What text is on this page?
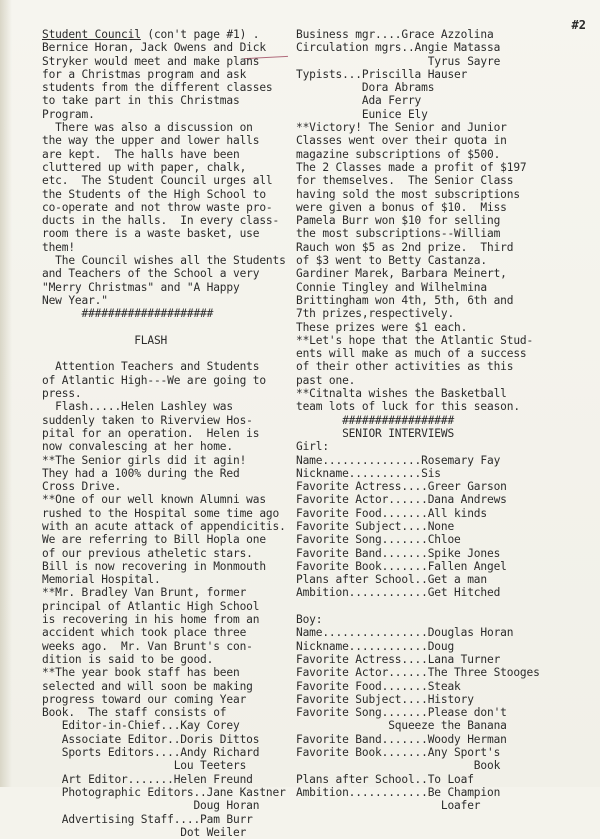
#2
Student Council (con't page #1) .
Bernice Horan, Jack Owens and Dick
Stryker would meet and make plans
for a Christmas program and ask
students from the different classes
to take part in this Christmas
Program.
There was also a discussion on
the way the upper and lower halls
are kept.  The halls have been
cluttered up with paper, chalk,
etc.  The Student Council urges all
the Students of the High School to
co-operate and not throw waste pro-
ducts in the halls.  In every class-
room there is a waste basket, use
them!
The Council wishes all the Students
and Teachers of the School a very
"Merry Christmas" and "A Happy
New Year."
####################
FLASH
Attention Teachers and Students
of Atlantic High---We are going to
press.
Flash.....Helen Lashley was
suddenly taken to Riverview Hos-
pital for an operation.  Helen is
now convalescing at her home.
**The Senior girls did it agin!
They had a 100% during the Red
Cross Drive.
**One of our well known Alumni was
rushed to the Hospital some time ago
with an acute attack of appendicitis.
We are referring to Bill Hopla one
of our previous atheletic stars.
Bill is now recovering in Monmouth
Memorial Hospital.
**Mr. Bradley Van Brunt, former
principal of Atlantic High School
is recovering in his home from an
accident which took place three
weeks ago.  Mr. Van Brunt's con-
dition is said to be good.
**The year book staff has been
selected and will soon be making
progress toward our coming Year
Book.  The staff consists of
Editor-in-Chief...Kay Corey
Associate Editor..Doris Dittos
Sports Editors....Andy Richard
Lou Teeters
Art Editor.......Helen Freund
Photographic Editors..Jane Kastner
Doug Horan
Advertising Staff....Pam Burr
Dot Weiler
Business mgr....Grace Azzolina
Circulation mgrs..Angie Matassa
Tyrus Sayre
Typists...Priscilla Hauser
Dora Abrams
Ada Ferry
Eunice Ely
**Victory! The Senior and Junior
Classes went over their quota in
magazine subscriptions of $500.
The 2 Classes made a profit of $197
for themselves.  The Senior Class
having sold the most subscriptions
were given a bonus of $10.  Miss
Pamela Burr won $10 for selling
the most subscriptions--William
Rauch won $5 as 2nd prize.  Third
of $3 went to Betty Castanza.
Gardiner Marek, Barbara Meinert,
Connie Tingley and Wilhelmina
Brittingham won 4th, 5th, 6th and
7th prizes,respectively.
These prizes were $1 each.
**Let's hope that the Atlantic Stud-
ents will make as much of a success
of their other activities as this
past one.
**Citnalta wishes the Basketball
team lots of luck for this season.
#################
SENIOR INTERVIEWS
Girl:
Name...............Rosemary Fay
Nickname...........Sis
Favorite Actress....Greer Garson
Favorite Actor......Dana Andrews
Favorite Food.......All kinds
Favorite Subject....None
Favorite Song.......Chloe
Favorite Band.......Spike Jones
Favorite Book.......Fallen Angel
Plans after School..Get a man
Ambition............Get Hitched
Boy:
Name................Douglas Horan
Nickname............Doug
Favorite Actress....Lana Turner
Favorite Actor......The Three Stooges
Favorite Food.......Steak
Favorite Subject....History
Favorite Song.......Please don't
Squeeze the Banana
Favorite Band.......Woody Herman
Favorite Book.......Any Sport's
Book
Plans after School..To Loaf
Ambition............Be Champion
Loafer
